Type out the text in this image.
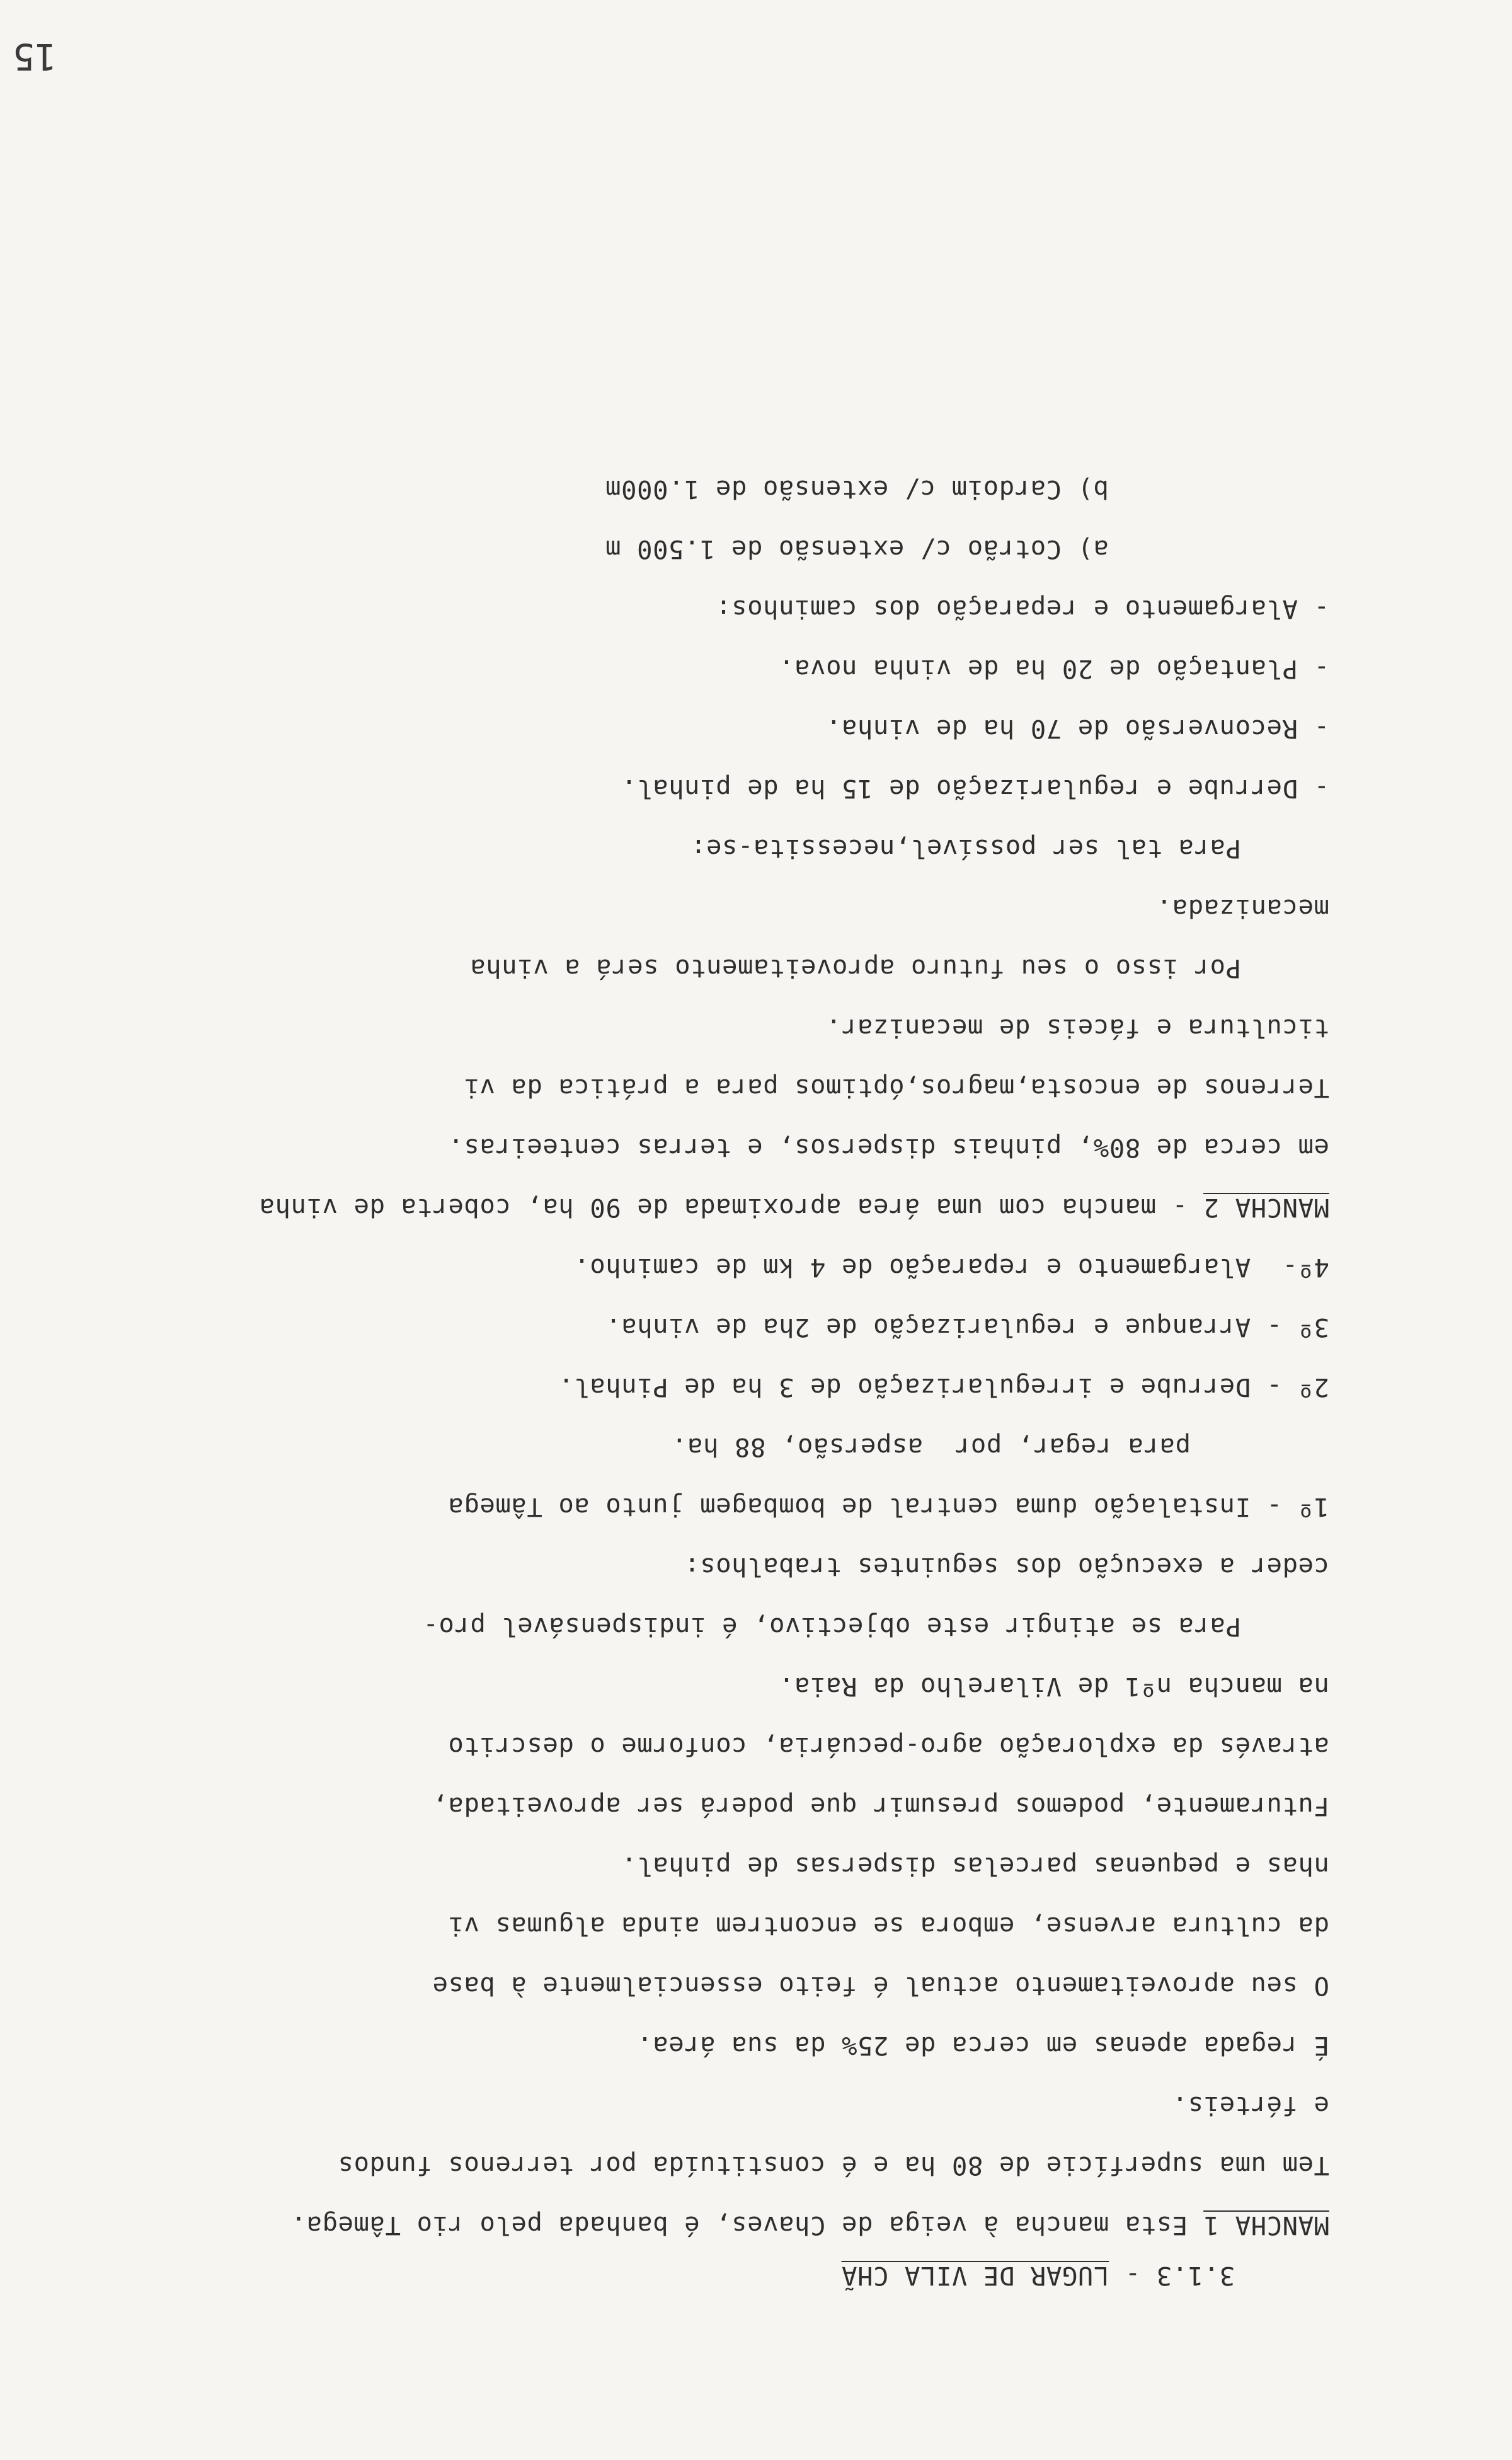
3.1.3 - LUGAR DE VILA CHÃ

MANCHA 1 Esta mancha à veiga de Chaves, é banhada pelo rio Tâmega.
Tem uma superfície de 80 ha e é constituída por terrenos fundos
e férteis.
É regada apenas em cerca de 25% da sua área.
O seu aproveitamento actual é feito essencialmente à base
da cultura arvense, embora se encontrem ainda algumas vi
nhas e pequenas parcelas dispersas de pinhal.
Futuramente, podemos presumir que poderá ser aproveitada,
através da exploração agro-pecuária, conforme o descrito
na mancha nº1 de Vilarelho da Raia.
Para se atingir este objectivo, é indispensável pro-
ceder a execução dos seguintes trabalhos:
1º - Instalação duma central de bombagem junto ao Tâmega
para regar, por  aspersão, 88 ha.
2º - Derrube e irregularização de 3 ha de Pinhal.
3º - Arranque e regularização de 2ha de vinha.
4º-  Alargamento e reparação de 4 km de caminho.
MANCHA 2 - mancha com uma área aproximada de 90 ha, coberta de vinha
em cerca de 80%, pinhais dispersos, e terras centeeiras.
Terrenos de encosta,magros,óptimos para a prática da vi
ticultura e fáceis de mecanizar.
Por isso o seu futuro aproveitamento será a vinha
mecanizada.
Para tal ser possível,necessita-se:
- Derrube e regularização de 15 ha de pinhal.
- Reconversão de 70 ha de vinha.
- Plantação de 20 ha de vinha nova.
- Alargamento e reparação dos caminhos:
a) Cotrão c/ extensão de 1.500 m
b) Cardoim c/ extensão de 1.000m
15
